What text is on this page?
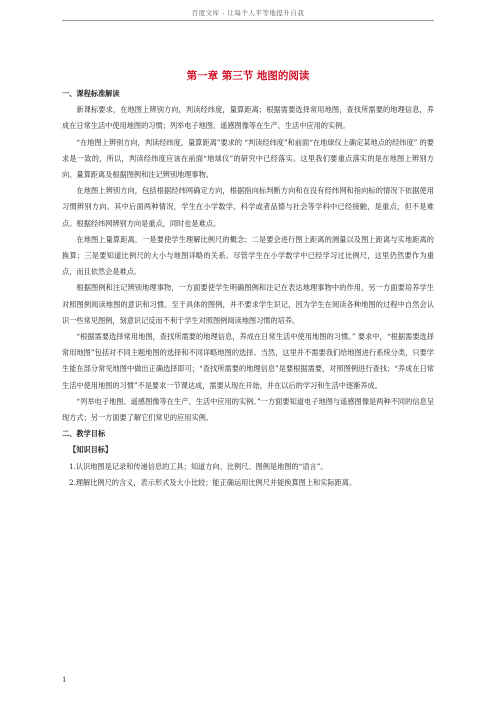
百度文库 - 让每个人平等地提升自我
第一章 第三节 地图的阅读

一、课程标准解读

新课标要求，在地图上辨别方向，判读经纬度，量算距离；根据需要选择常用地图，查找所需要的地理信息，养成在日常生活中使用地图的习惯；列举电子地图、遥感图像等在生产、生活中应用的实例。

“在地图上辨别方向，判读经纬度，量算距离”要求的 “判读经纬度”和前面“在地球仪上确定某地点的经纬度” 的要求是一致的，所以，判读经纬度应该在前面“地球仪”的研究中已经落实。这里我们要重点落实的是在地图上辨别方向、量算距离及根据图例和注记辨别地理事物。

在地图上辨别方向，包括根据经纬网确定方向，根据指向标判断方向和在没有经纬网和指向标的情况下依据使用习惯辨别方向。其中后面两种情况，学生在小学数学、科学或者品德与社会等学科中已经接触，是重点，但不是难点。根据经纬网辨别方向是重点，同时也是难点。

在地图上量算距离，一是要使学生理解比例尺的概念；二是要会进行图上距离的测量以及图上距离与实地距离的换算；三是要知道比例尺的大小与地图详略的关系。尽管学生在小学数学中已经学习过比例尺，这里仍然要作为重点，而且依然会是难点。

根据图例和注记辨别地理事物，一方面要使学生明确图例和注记在表达地理事物中的作用，另一方面要培养学生对照图例阅读地图的意识和习惯。至于具体的图例，并不要求学生识记，因为学生在阅读各种地图的过程中自然会认识一些常见图例，刻意识记反而不利于学生对照图例阅读地图习惯的培养。

“根据需要选择常用地图，查找所需要的地理信息，养成在日常生活中使用地图的习惯。” 要求中，“根据需要选择常用地图”包括对不同主题地图的选择和不同详略地图的选择。当然，这里并不需要我们给地图进行系统分类，只要学生能在部分常见地图中做出正确选择即可；“查找所需要的地理信息”是要根据需要，对照图例进行查找；“养成在日常生活中使用地图的习惯”不是要求一节课达成，需要从现在开始，并在以后的学习和生活中逐渐养成。

“列举电子地图、遥感图像等在生产、生活中应用的实例。”一方面要知道电子地图与遥感图像是两种不同的信息呈现方式；另一方面要了解它们常见的应用实例。

二、教学目标

【知识目标】

1.认识地图是记录和传递信息的工具；知道方向、比例尺、图例是地图的“语言”。

2.理解比例尺的含义，表示形式及大小比较；能正确运用比例尺并能换算图上和实际距离。

1
